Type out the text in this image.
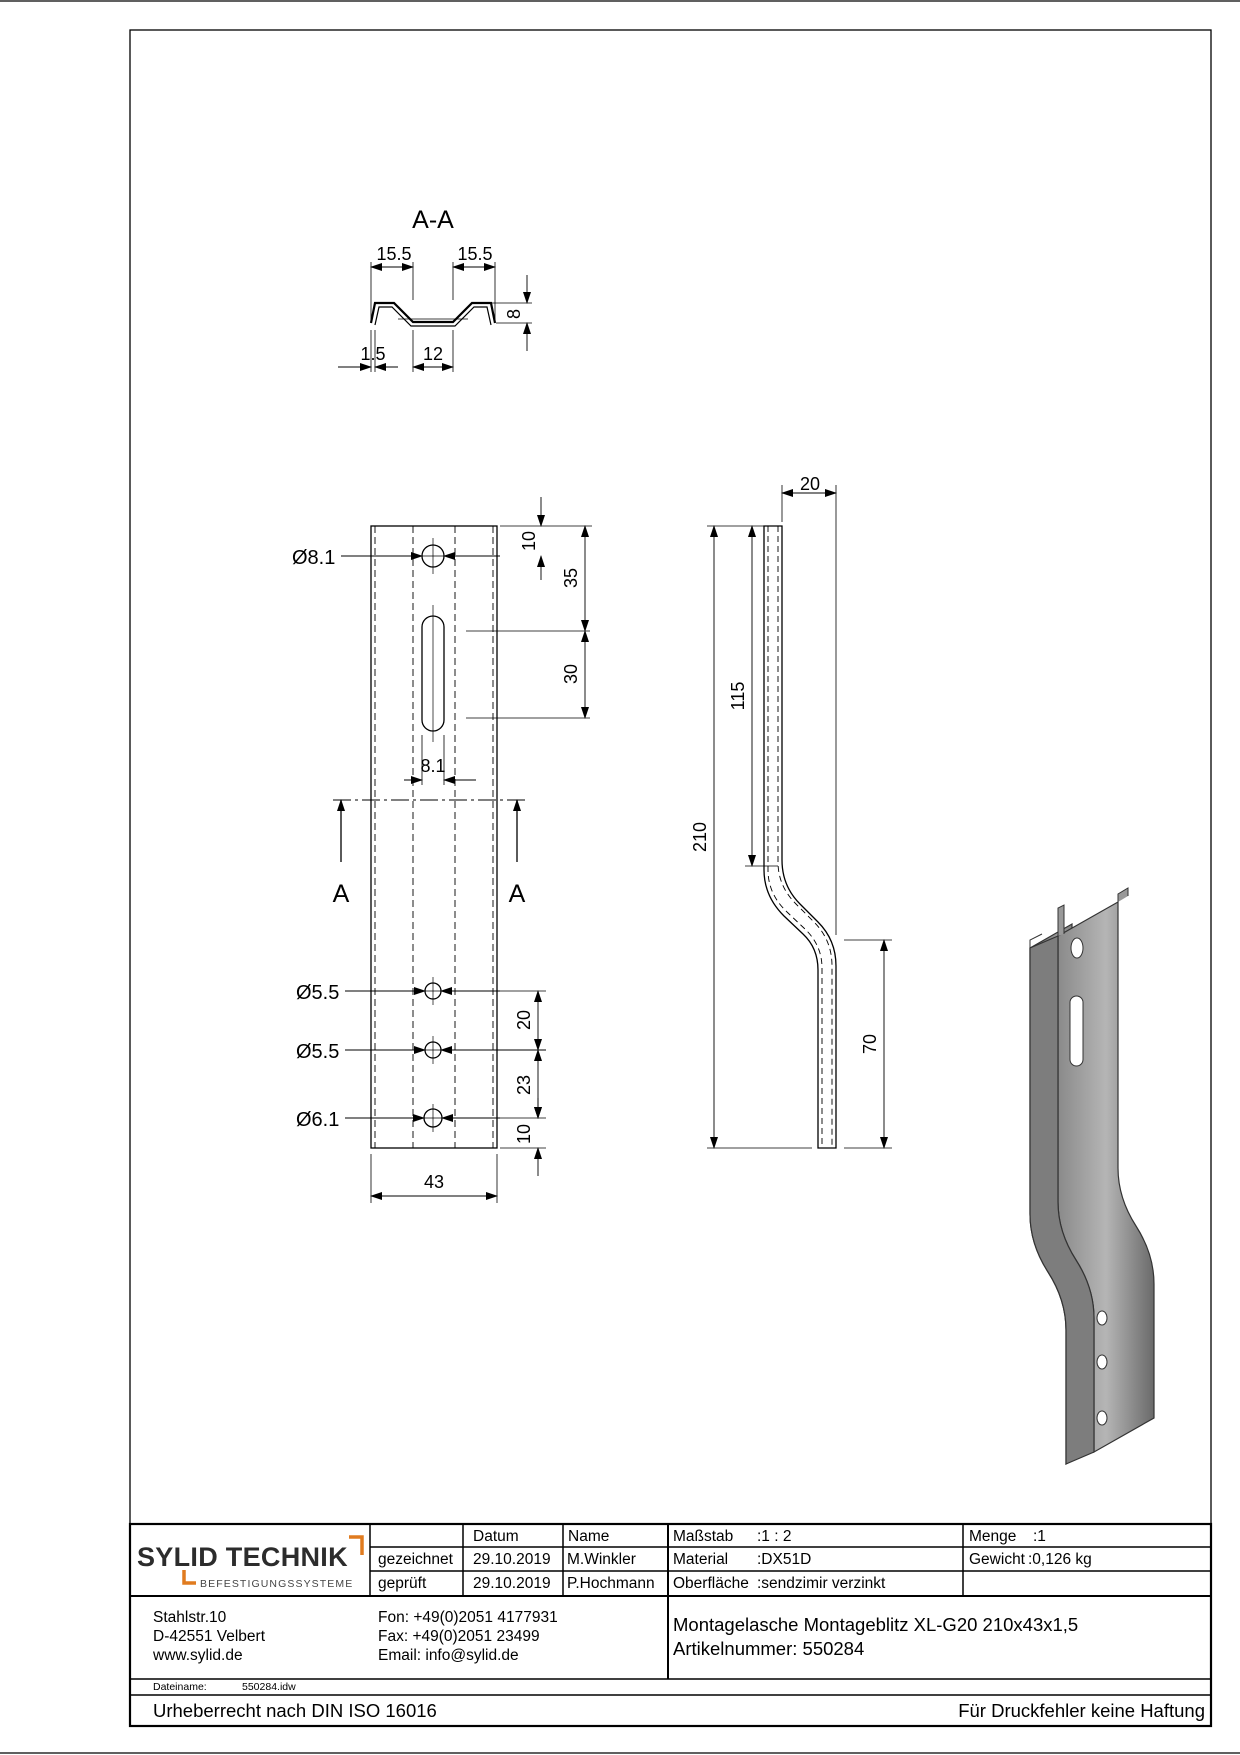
A-A
15.5	15.5
8
1.5 12
Ø8.1
8.1
10
35
30
A	A
Ø5.5
Ø5.5
Ø6.1
20
23
10
43
20
210
115
70
SYLID TECHNIK
BEFESTIGUNGSSYSTEME
Datum	Name
gezeichnet 29.10.2019 M.Winkler
geprüft	29.10.2019 P.Hochmann
Maßstab :1 : 2
Material :DX51D
Oberfläche :sendzimir verzinkt
Menge :1
Gewicht :0,126 kg
Stahlstr.10
D-42551 Velbert
www.sylid.de
Fon: +49(0)2051 4177931
Fax: +49(0)2051 23499
Email: info@sylid.de
Montagelasche Montageblitz XL-G20 210x43x1,5
Artikelnummer: 550284
Dateiname:	550284.idw
Urheberrecht nach DIN ISO 16016	Für Druckfehler keine Haftung
